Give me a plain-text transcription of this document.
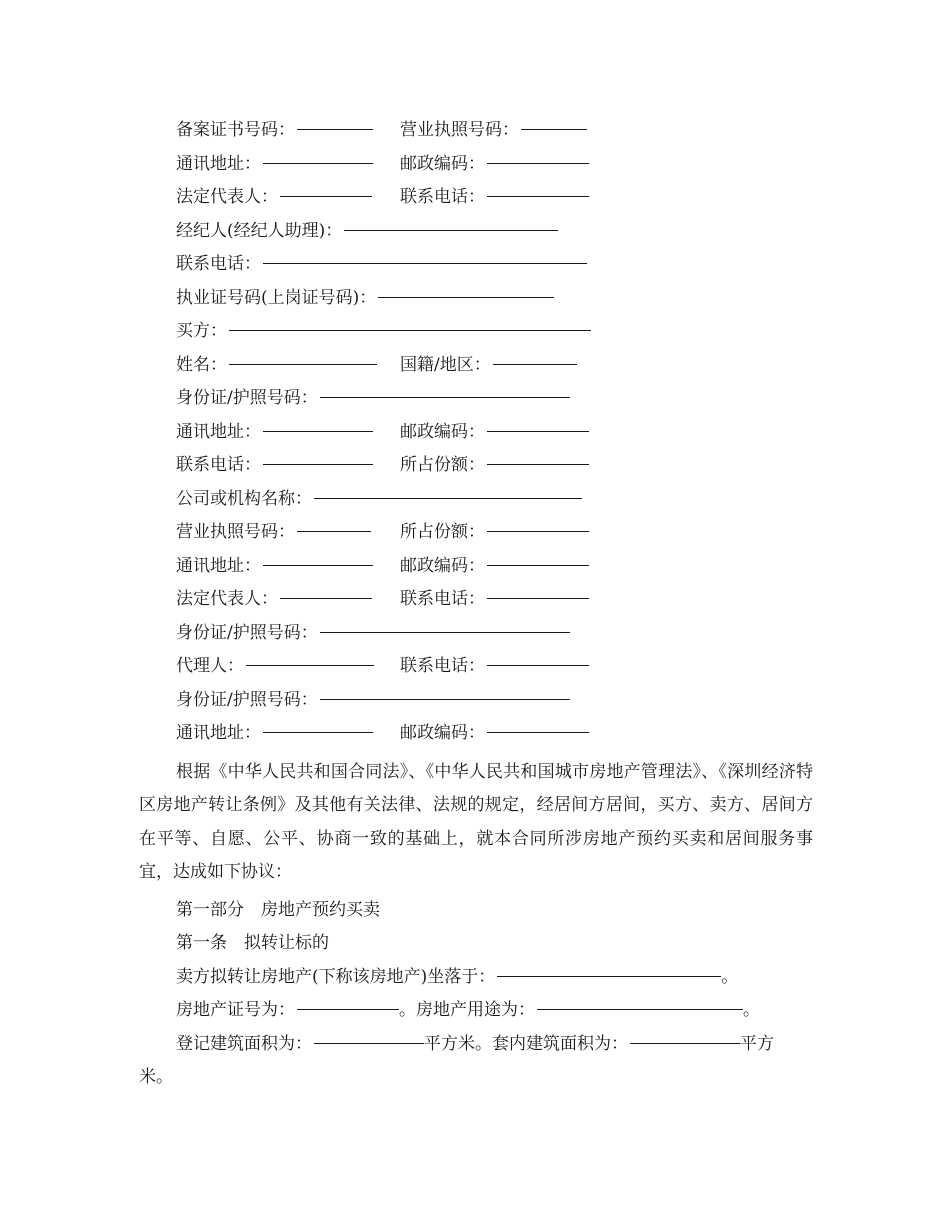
备案证书号码：	营业执照号码：
通讯地址：	邮政编码：
法定代表人：	联系电话：
经纪人(经纪人助理)：
联系电话：
执业证号码(上岗证号码)：
买方：
姓名：	国籍/地区：
身份证/护照号码：
通讯地址：	邮政编码：
联系电话：	所占份额：
公司或机构名称：
营业执照号码：	所占份额：
通讯地址：	邮政编码：
法定代表人：	联系电话：
身份证/护照号码：
代理人：	联系电话：
身份证/护照号码：
通讯地址：	邮政编码：
根据《中华人民共和国合同法》、《中华人民共和国城市房地产管理法》、《深圳经济特区房地产转让条例》及其他有关法律、法规的规定，经居间方居间，买方、卖方、居间方在平等、自愿、公平、协商一致的基础上，就本合同所涉房地产预约买卖和居间服务事宜，达成如下协议：
第一部分　房地产预约买卖
第一条　拟转让标的
卖方拟转让房地产(下称该房地产)坐落于：	。
房地产证号为：	。房地产用途为：	。
登记建筑面积为：	平方米。套内建筑面积为：	平方
米。
